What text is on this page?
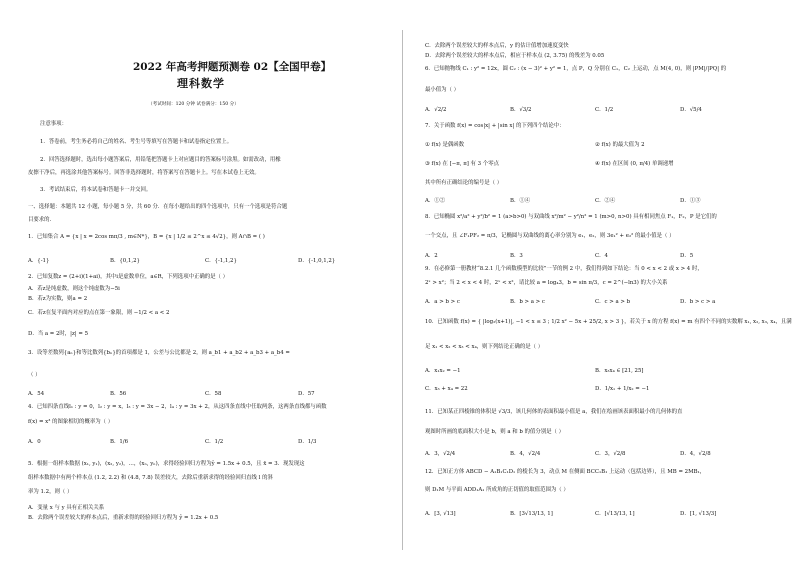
2022 年高考押题预测卷 02【全国甲卷】
理科数学
（考试时间：120 分钟 试卷满分：150 分）
注意事项：
1．答卷前，考生务必将自己的姓名、考生号等填写在答题卡和试卷指定位置上。
2．回答选择题时，选出每小题答案后，用铅笔把答题卡上对应题目的答案标号涂黑。如需改动，用橡
皮擦干净后，再选涂其他答案标号。回答非选择题时，将答案写在答题卡上。写在本试卷上无效。
3．考试结束后，将本试卷和答题卡一并交回。
一、选择题：本题共 12 小题，每小题 5 分，共 60 分．在每小题给出的四个选项中，只有一个选项是符合题
目要求的．
1．已知集合 A = {x | x = 2cos mπ/3 , m∈N*}，B = {x | 1/2 ≤ 2^x ≤ 4√2}，则 A∩B = ( )
A．{-1}	B．{0,1,2}	C．{-1,1,2}	D．{-1,0,1,2}
2．已知复数z = (2+i)(1+ai)，其中i是虚数单位，a∈R，下列选项中正确的是（ ）
A．若z是纯虚数，则这个纯虚数为−5i
B．若z为实数，则a = 2
C．若z在复平面内对应的点在第一象限，则 −1/2 < a < 2
D．当 a = 2时，|z| = 5
3．设等差数列{aₙ}和等比数列{bₙ}的首项都是 1，公差与公比都是 2，则 a_b1 + a_b2 + a_b3 + a_b4 =
（ ）
A．54	B．56	C．58	D．57
4．已知四条直线l₁ : y = 0，l₂ : y = x，l₃ : y = 3x − 2，l₄ : y = 3x + 2，从这四条直线中任取两条，这两条直线都与函数
f(x) = x³ 的图象相切的概率为（ ）
A．0	B．1/6	C．1/2	D．1/3
5．根据一组样本数据 (x₁, y₁)，(x₂, y₂)，…，(xₙ, yₙ)，求得经验回归方程为ŷ = 1.5x + 0.5，且 x̄ = 3．现发现这
组样本数据中有两个样本点 (1.2, 2.2) 和 (4.8, 7.8) 误差较大，去除后重新求得的经验回归直线 l 的斜
率为 1.2，则（ ）
A．变量 x 与 y 具有正相关关系
B．去除两个误差较大的样本点后，重新求得的经验回归方程为 ŷ = 1.2x + 0.5
C．去除两个误差较大的样本点后，y 的估计值增加速度变快
D．去除两个误差较大的样本点后，相应于样本点 (2, 3.75) 的残差为 0.05
6．已知抛物线 C₁ : y² = 12x，圆 C₂ : (x − 3)² + y² = 1，点 P，Q 分别在 C₁，C₂ 上运动，点 M(4, 0)，则 |PM|/|PQ| 的
最小值为（ ）
A．√2/2	B．√3/2	C．1/2	D．√5/4
7．关于函数 f(x) = cos|x| + |sin x| 的下列四个结论中：
① f(x) 是偶函数	② f(x) 的最大值为 2
③ f(x) 在 [−π, π] 有 3 个零点	④ f(x) 在区间 (0, π/4) 单调递增
其中所有正确结论的编号是（ ）
A．①②	B．①④	C．②④	D．①③
8．已知椭圆 x²/a² + y²/b² = 1 (a>b>0) 与双曲线 x²/m² − y²/n² = 1 (m>0, n>0) 具有相同焦点 F₁，F₂，P 是它们的
一个交点，且 ∠F₁PF₂ = π/3，记椭圆与双曲线的离心率分别为 e₁，e₂，则 3e₁² + e₂² 的最小值是（ ）
A．2	B．3	C．4	D．5
9．在必修第一册教材“8.2.1 几个函数模型的比较”一节的例 2 中，我们得到如下结论：当 0 < x < 2 或 x > 4 时，
2ˣ > x²；当 2 < x < 4 时，2ˣ < x²，请比较 a = log₄3，b = sin π/3，c = 2^(−ln3) 的大小关系
A．a > b > c	B．b > a > c	C．c > a > b	D．b > c > a
10．已知函数 f(x) = { |log₂(x+1)|, −1 < x ≤ 3 ; 1/2 x² − 5x + 25/2, x > 3 }，若关于 x 的方程 f(x) = m 有四个不同的实数解 x₁, x₂, x₃, x₄，且满
足 x₁ < x₂ < x₃ < x₄，则下列结论正确的是（ ）
A．x₁x₂ = −1	B．x₃x₄ ∈ [21, 25]
C．x₃ + x₄ = 22	D．1/x₁ + 1/x₂ = −1
11．已知某正四棱锥的体积是 √3/3，该几何体的表面积最小值是 a，我们在绘画该表面积最小的几何体的直
观图时所画的底面积大小是 b，则 a 和 b 的值分别是（ ）
A．3，√2/4	B．4，√2/4	C．3，√2/8	D．4，√2/8
12．已知正方体 ABCD − A₁B₁C₁D₁ 的棱长为 3，动点 M 在侧面 BCC₁B₁ 上运动（包括边界），且 MB = 2MB₁，
则 D₁M 与平面 ADD₁A₁ 所成角的正切值的取值范围为（ ）
A．[3, √13]	B．[3√13/13, 1]	C．[√13/13, 1]	D．[1, √13/3]
